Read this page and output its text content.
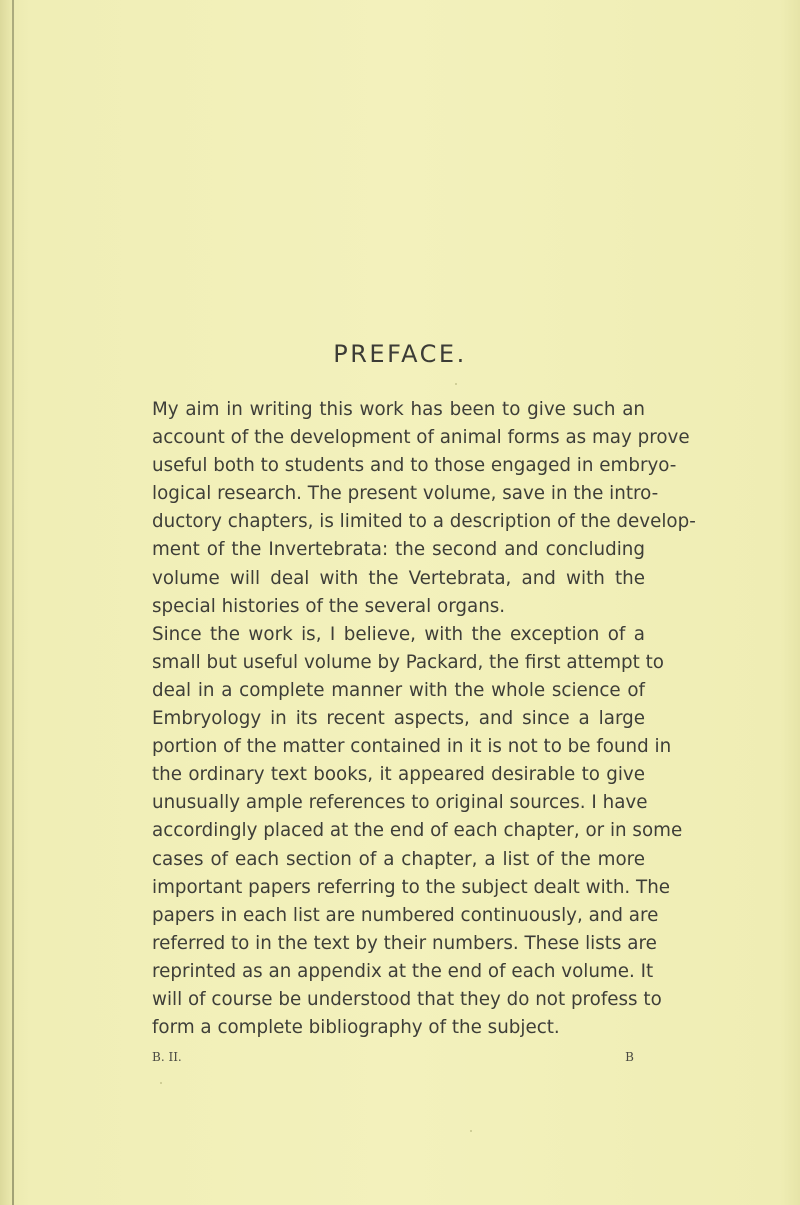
PREFACE.
My aim in writing this work has been to give such an
account of the development of animal forms as may prove
useful both to students and to those engaged in embryo-
logical research. The present volume, save in the intro-
ductory chapters, is limited to a description of the develop-
ment of the Invertebrata: the second and concluding
volume will deal with the Vertebrata, and with the
special histories of the several organs.
Since the work is, I believe, with the exception of a
small but useful volume by Packard, the first attempt to
deal in a complete manner with the whole science of
Embryology in its recent aspects, and since a large
portion of the matter contained in it is not to be found in
the ordinary text books, it appeared desirable to give
unusually ample references to original sources. I have
accordingly placed at the end of each chapter, or in some
cases of each section of a chapter, a list of the more
important papers referring to the subject dealt with. The
papers in each list are numbered continuously, and are
referred to in the text by their numbers. These lists are
reprinted as an appendix at the end of each volume. It
will of course be understood that they do not profess to
form a complete bibliography of the subject.
B. II.	B
